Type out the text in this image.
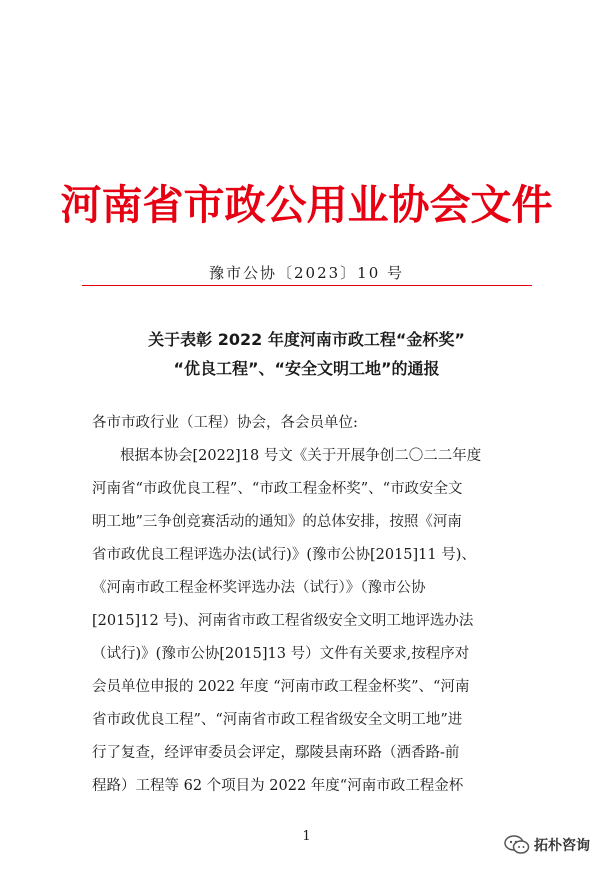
河南省市政公用业协会文件
豫市公协〔2023〕10 号
关于表彰 2022 年度河南市政工程“金杯奖”
“优良工程”、“安全文明工地”的通报
各市市政行业（工程）协会，各会员单位:
根据本协会[2022]18 号文《关于开展争创二〇二二年度
河南省“市政优良工程”、“市政工程金杯奖”、“市政安全文
明工地”三争创竞赛活动的通知》的总体安排，按照《河南
省市政优良工程评选办法(试行)》(豫市公协[2015]11 号)、
《河南市政工程金杯奖评选办法（试行）》（豫市公协
[2015]12 号)、河南省市政工程省级安全文明工地评选办法
（试行)》(豫市公协[2015]13 号）文件有关要求,按程序对
会员单位申报的 2022 年度 “河南市政工程金杯奖”、“河南
省市政优良工程”、“河南省市政工程省级安全文明工地”进
行了复查，经评审委员会评定，鄢陵县南环路（洒香路-前
程路）工程等 62 个项目为 2022 年度“河南市政工程金杯
1
拓朴咨询
